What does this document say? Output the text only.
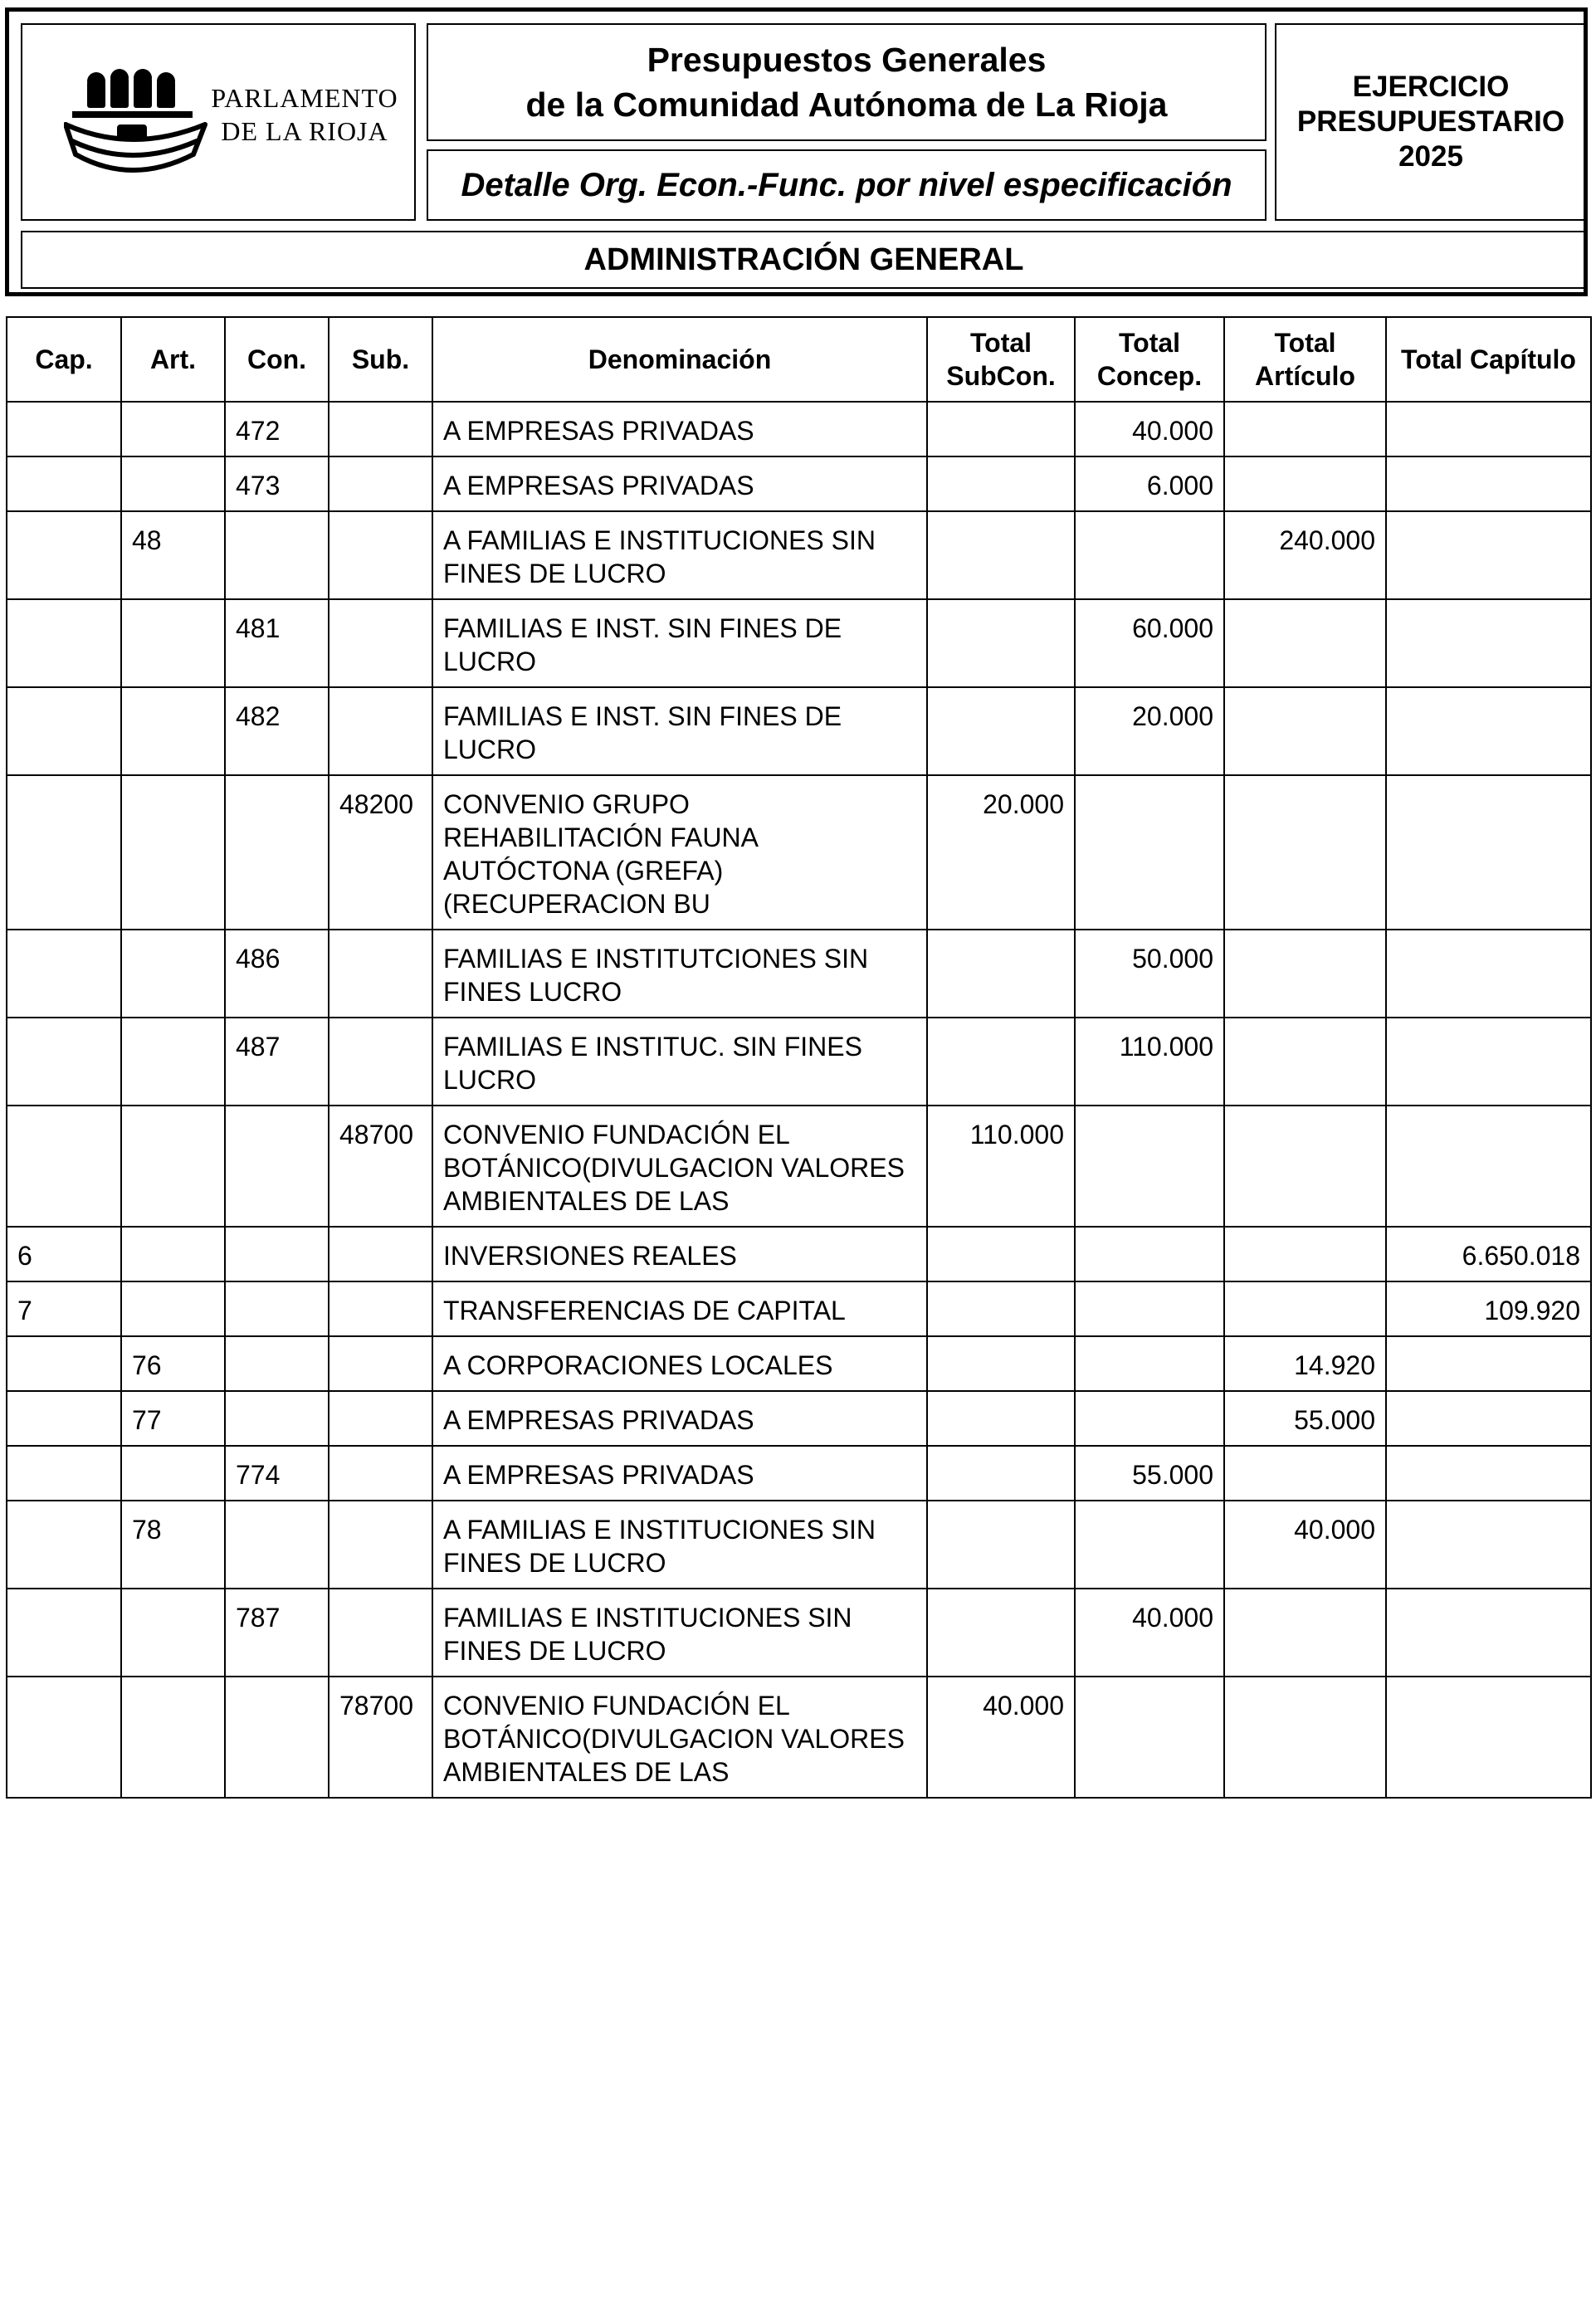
PARLAMENTO
DE LA RIOJA
Presupuestos Generales
de la Comunidad Autónoma de La Rioja
Detalle Org. Econ.-Func. por nivel especificación
EJERCICIO
PRESUPUESTARIO
2025
ADMINISTRACIÓN GENERAL
Cap.	Art.	Con.	Sub.	Denominación	Total SubCon.	Total Concep.	Total Artículo	Total Capítulo
		472		A EMPRESAS PRIVADAS		40.000		
		473		A EMPRESAS PRIVADAS		6.000		
	48			A FAMILIAS E INSTITUCIONES SIN FINES DE LUCRO			240.000	
		481		FAMILIAS E INST. SIN FINES DE LUCRO		60.000		
		482		FAMILIAS E INST. SIN FINES DE LUCRO		20.000		
			48200	CONVENIO GRUPO REHABILITACIÓN FAUNA AUTÓCTONA (GREFA) (RECUPERACION BU	20.000			
		486		FAMILIAS E INSTITUTCIONES SIN FINES LUCRO		50.000		
		487		FAMILIAS E INSTITUC. SIN FINES LUCRO		110.000		
			48700	CONVENIO FUNDACIÓN EL BOTÁNICO(DIVULGACION VALORES AMBIENTALES DE LAS	110.000			
6				INVERSIONES REALES				6.650.018
7				TRANSFERENCIAS DE CAPITAL				109.920
	76			A CORPORACIONES LOCALES			14.920	
	77			A EMPRESAS PRIVADAS			55.000	
		774		A EMPRESAS PRIVADAS		55.000		
	78			A FAMILIAS E INSTITUCIONES SIN FINES DE LUCRO			40.000	
		787		FAMILIAS E INSTITUCIONES SIN FINES DE LUCRO		40.000		
			78700	CONVENIO FUNDACIÓN EL BOTÁNICO(DIVULGACION VALORES AMBIENTALES DE LAS	40.000			
